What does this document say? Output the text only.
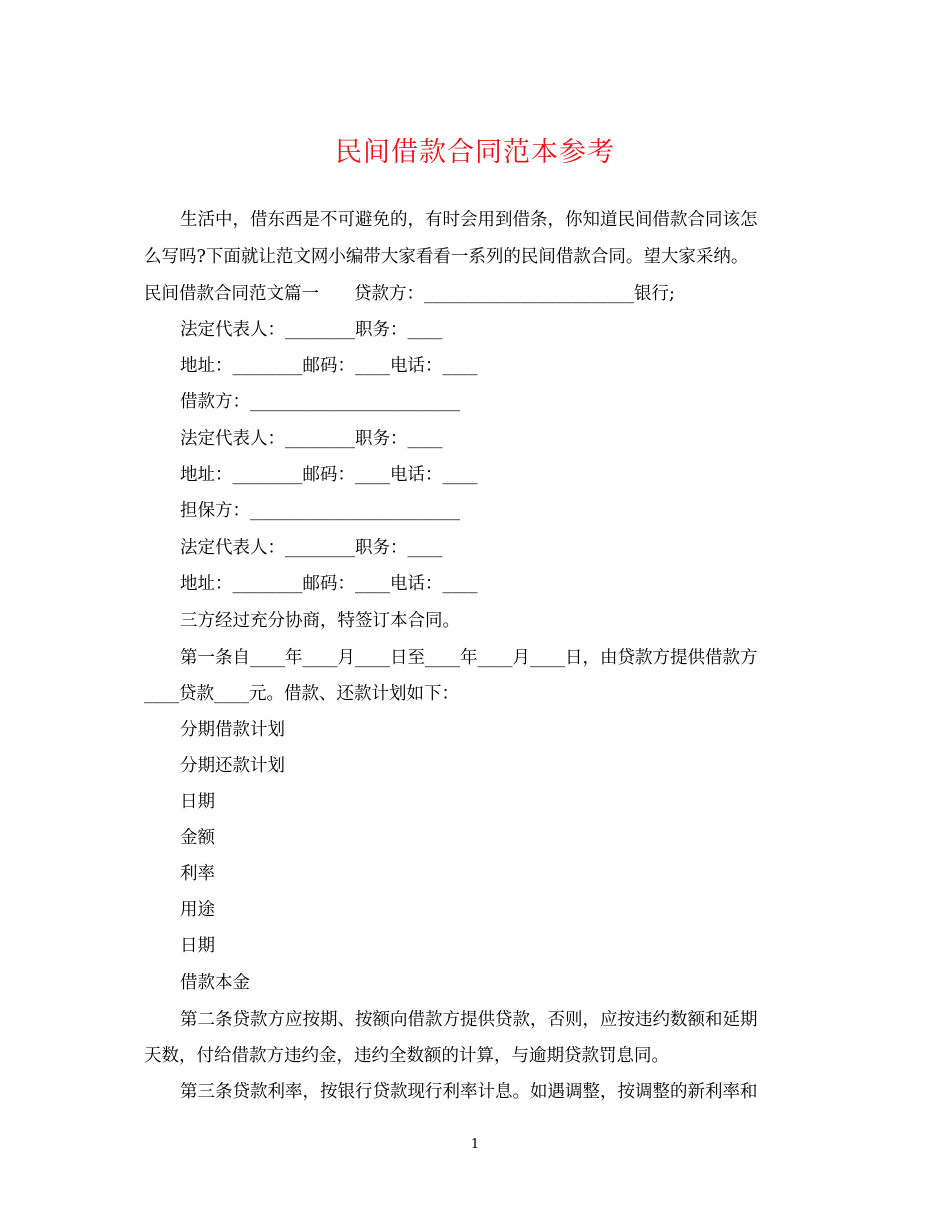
民间借款合同范本参考
生活中，借东西是不可避免的，有时会用到借条，你知道民间借款合同该怎
么写吗?下面就让范文网小编带大家看看一系列的民间借款合同。望大家采纳。
民间借款合同范文篇一　　贷款方：________________________银行;
法定代表人：________职务：____
地址：________邮码：____电话：____
借款方：________________________
法定代表人：________职务：____
地址：________邮码：____电话：____
担保方：________________________
法定代表人：________职务：____
地址：________邮码：____电话：____
三方经过充分协商，特签订本合同。
第一条自____年____月____日至____年____月____日，由贷款方提供借款方
____贷款____元。借款、还款计划如下：
分期借款计划
分期还款计划
日期
金额
利率
用途
日期
借款本金
第二条贷款方应按期、按额向借款方提供贷款，否则，应按违约数额和延期
天数，付给借款方违约金，违约全数额的计算，与逾期贷款罚息同。
第三条贷款利率，按银行贷款现行利率计息。如遇调整，按调整的新利率和
1
